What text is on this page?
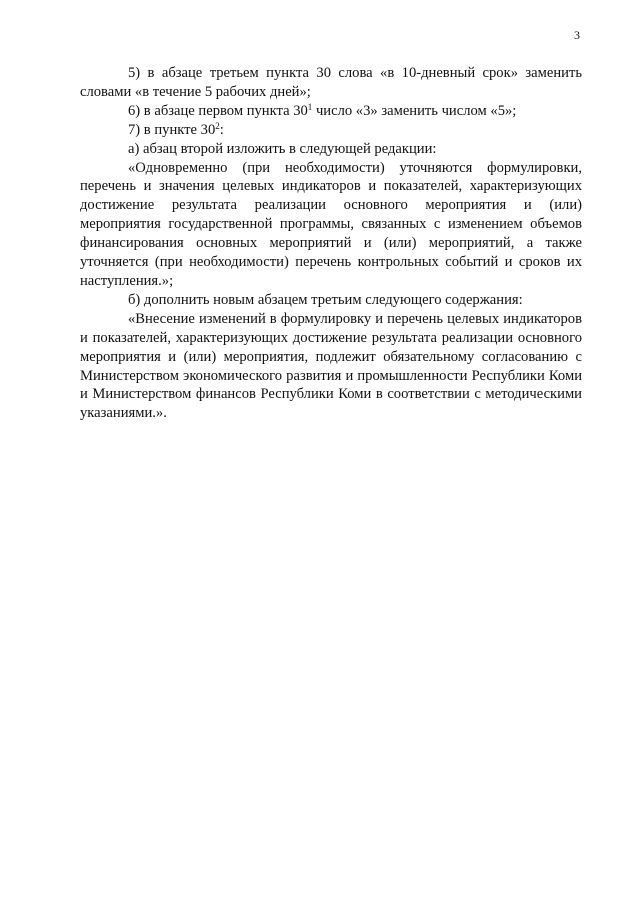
3

5) в абзаце третьем пункта 30 слова «в 10-дневный срок» заменить словами «в течение 5 рабочих дней»;

6) в абзаце первом пункта $30^1$ число «3» заменить числом «5»;

7) в пункте $30^2$:

а) абзац второй изложить в следующей редакции:

«Одновременно (при необходимости) уточняются формулировки, перечень и значения целевых индикаторов и показателей, характеризующих достижение результата реализации основного мероприятия и (или) мероприятия государственной программы, связанных с изменением объемов финансирования основных мероприятий и (или) мероприятий, а также уточняется (при необходимости) перечень контрольных событий и сроков их наступления.»;

б) дополнить новым абзацем третьим следующего содержания:

«Внесение изменений в формулировку и перечень целевых индикаторов и показателей, характеризующих достижение результата реализации основного мероприятия и (или) мероприятия, подлежит обязательному согласованию с Министерством экономического развития и промышленности Республики Коми и Министерством финансов Республики Коми в соответствии с методическими указаниями.».
